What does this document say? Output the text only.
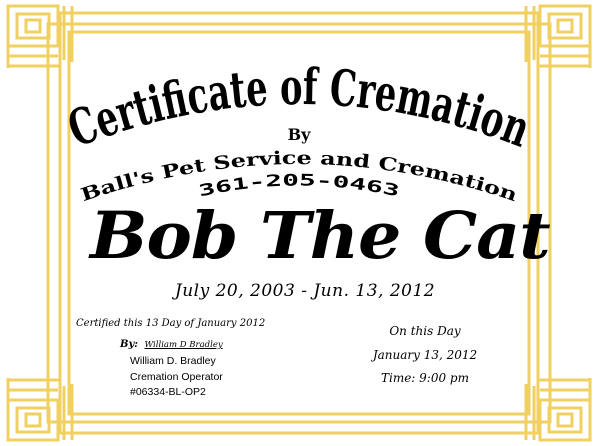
Certificate of Cremation
By
Ball's Pet Service and Cremation
361-205-0463
Bob The Cat
July 20, 2003 - Jun. 13, 2012
Certified this 13 Day of January 2012
By: William D Bradley
William D. Bradley
Cremation Operator
#06334-BL-OP2
On this Day
January 13, 2012
Time: 9:00 pm
